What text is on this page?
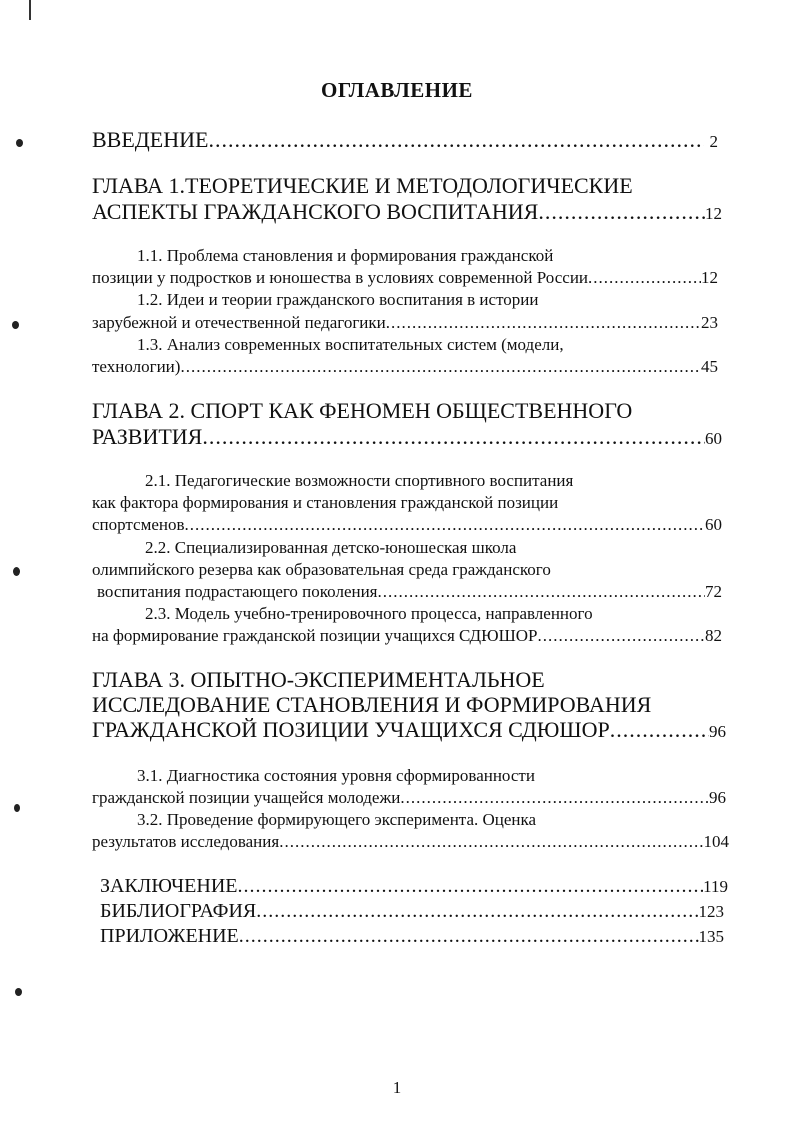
ОГЛАВЛЕНИЕ
ВВЕДЕНИЕ .....	2
ГЛАВА 1.ТЕОРЕТИЧЕСКИЕ И МЕТОДОЛОГИЧЕСКИЕ
АСПЕКТЫ ГРАЖДАНСКОГО ВОСПИТАНИЯ .....	12
1.1. Проблема становления и формирования гражданской
позиции у подростков и юношества в условиях современной России .....	12
1.2. Идеи и теории гражданского воспитания в истории
зарубежной и отечественной педагогики .....	23
1.3. Анализ современных воспитательных систем (модели,
технологии) .....	45
ГЛАВА 2. СПОРТ КАК ФЕНОМЕН ОБЩЕСТВЕННОГО
РАЗВИТИЯ .....	60
2.1. Педагогические возможности спортивного воспитания
как фактора формирования и становления гражданской позиции
спортсменов .....	60
2.2. Специализированная детско-юношеская школа
олимпийского резерва как образовательная среда гражданского
воспитания подрастающего поколения .....	72
2.3. Модель учебно-тренировочного процесса, направленного
на формирование гражданской позиции учащихся СДЮШОР .....	82
ГЛАВА 3. ОПЫТНО-ЭКСПЕРИМЕНТАЛЬНОЕ
ИССЛЕДОВАНИЕ СТАНОВЛЕНИЯ И ФОРМИРОВАНИЯ
ГРАЖДАНСКОЙ ПОЗИЦИИ УЧАЩИХСЯ СДЮШОР .....	96
3.1. Диагностика состояния уровня сформированности
гражданской позиции учащейся молодежи .....	96
3.2. Проведение формирующего эксперимента. Оценка
результатов исследования .....	104
ЗАКЛЮЧЕНИЕ .....	119
БИБЛИОГРАФИЯ .....	123
ПРИЛОЖЕНИЕ .....	135
1
